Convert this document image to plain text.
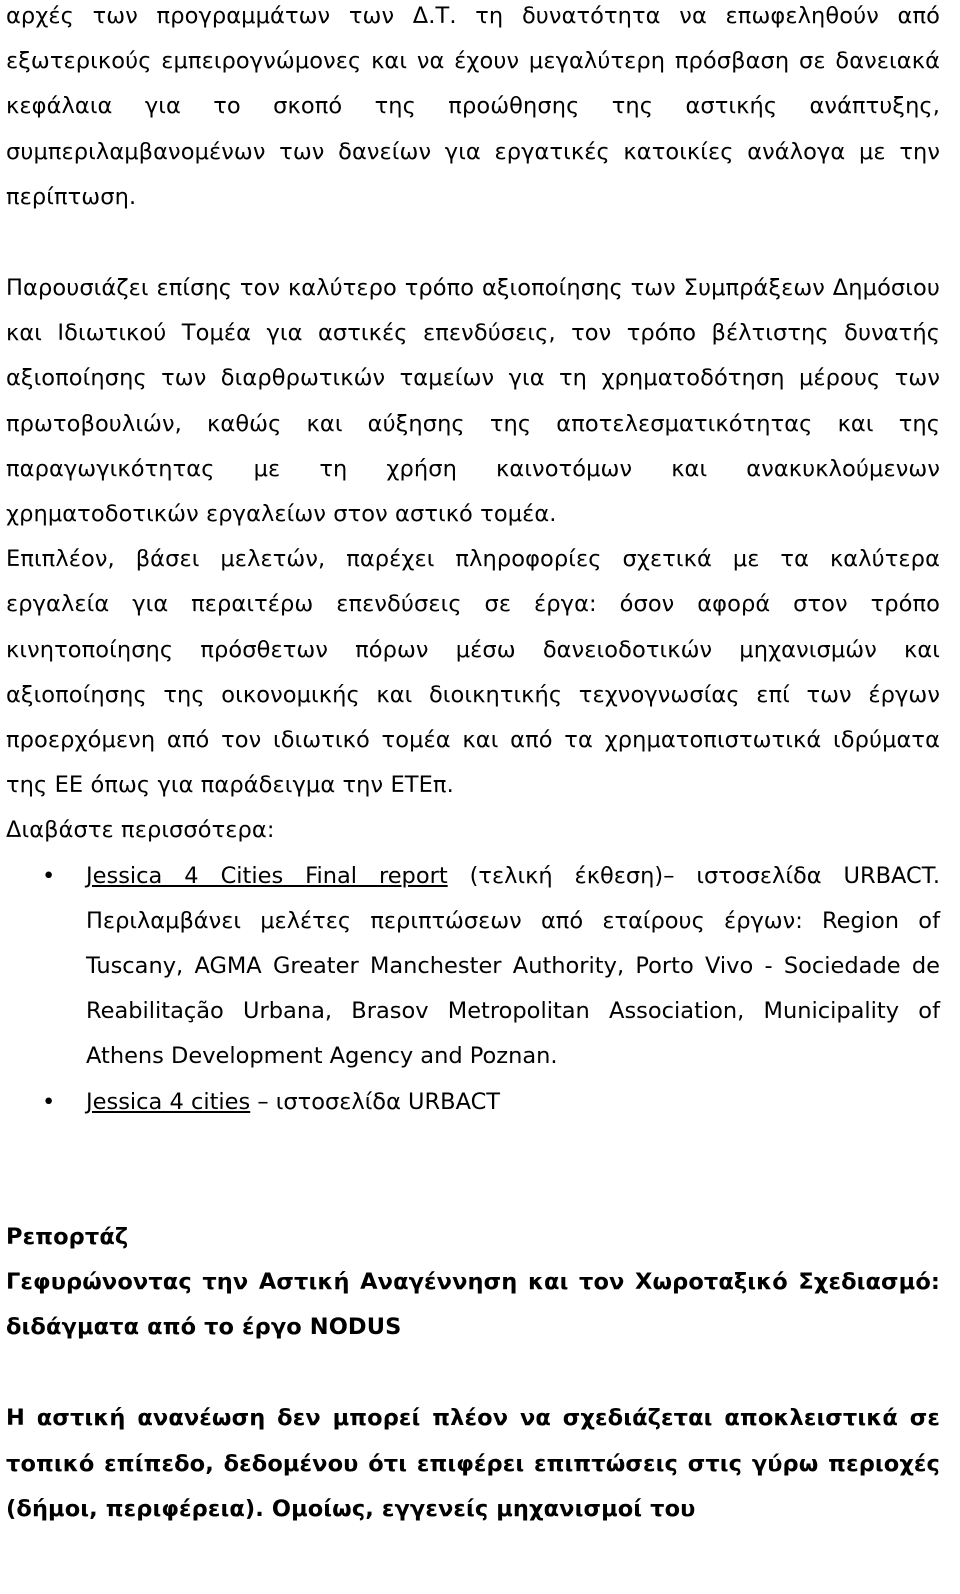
αρχές των προγραμμάτων των Δ.Τ. τη δυνατότητα να επωφεληθούν από εξωτερικούς εμπειρογνώμονες και να έχουν μεγαλύτερη πρόσβαση σε δανειακά κεφάλαια για το σκοπό της προώθησης της αστικής ανάπτυξης, συμπεριλαμβανομένων των δανείων για εργατικές κατοικίες ανάλογα με την περίπτωση.

Παρουσιάζει επίσης τον καλύτερο τρόπο αξιοποίησης των Συμπράξεων Δημόσιου και Ιδιωτικού Τομέα για αστικές επενδύσεις, τον τρόπο βέλτιστης δυνατής αξιοποίησης των διαρθρωτικών ταμείων για τη χρηματοδότηση μέρους των πρωτοβουλιών, καθώς και αύξησης της αποτελεσματικότητας και της παραγωγικότητας με τη χρήση καινοτόμων και ανακυκλούμενων χρηματοδοτικών εργαλείων στον αστικό τομέα.

Επιπλέον, βάσει μελετών, παρέχει πληροφορίες σχετικά με τα καλύτερα εργαλεία για περαιτέρω επενδύσεις σε έργα: όσον αφορά στον τρόπο κινητοποίησης πρόσθετων πόρων μέσω δανειοδοτικών μηχανισμών και αξιοποίησης της οικονομικής και διοικητικής τεχνογνωσίας επί των έργων προερχόμενη από τον ιδιωτικό τομέα και από τα χρηματοπιστωτικά ιδρύματα της ΕΕ όπως για παράδειγμα την ΕΤΕπ.

Διαβάστε περισσότερα:

• Jessica 4 Cities Final report (τελική έκθεση)– ιστοσελίδα URBACT. Περιλαμβάνει μελέτες περιπτώσεων από εταίρους έργων: Region of Tuscany, AGMA Greater Manchester Authority, Porto Vivo - Sociedade de Reabilitação Urbana, Brasov Metropolitan Association, Municipality of Athens Development Agency and Poznan.
• Jessica 4 cities – ιστοσελίδα URBACT

Ρεπορτάζ

Γεφυρώνοντας την Αστική Αναγέννηση και τον Χωροταξικό Σχεδιασμό: διδάγματα από το έργο NODUS

Η αστική ανανέωση δεν μπορεί πλέον να σχεδιάζεται αποκλειστικά σε τοπικό επίπεδο, δεδομένου ότι επιφέρει επιπτώσεις στις γύρω περιοχές (δήμοι, περιφέρεια). Ομοίως, εγγενείς μηχανισμοί του
